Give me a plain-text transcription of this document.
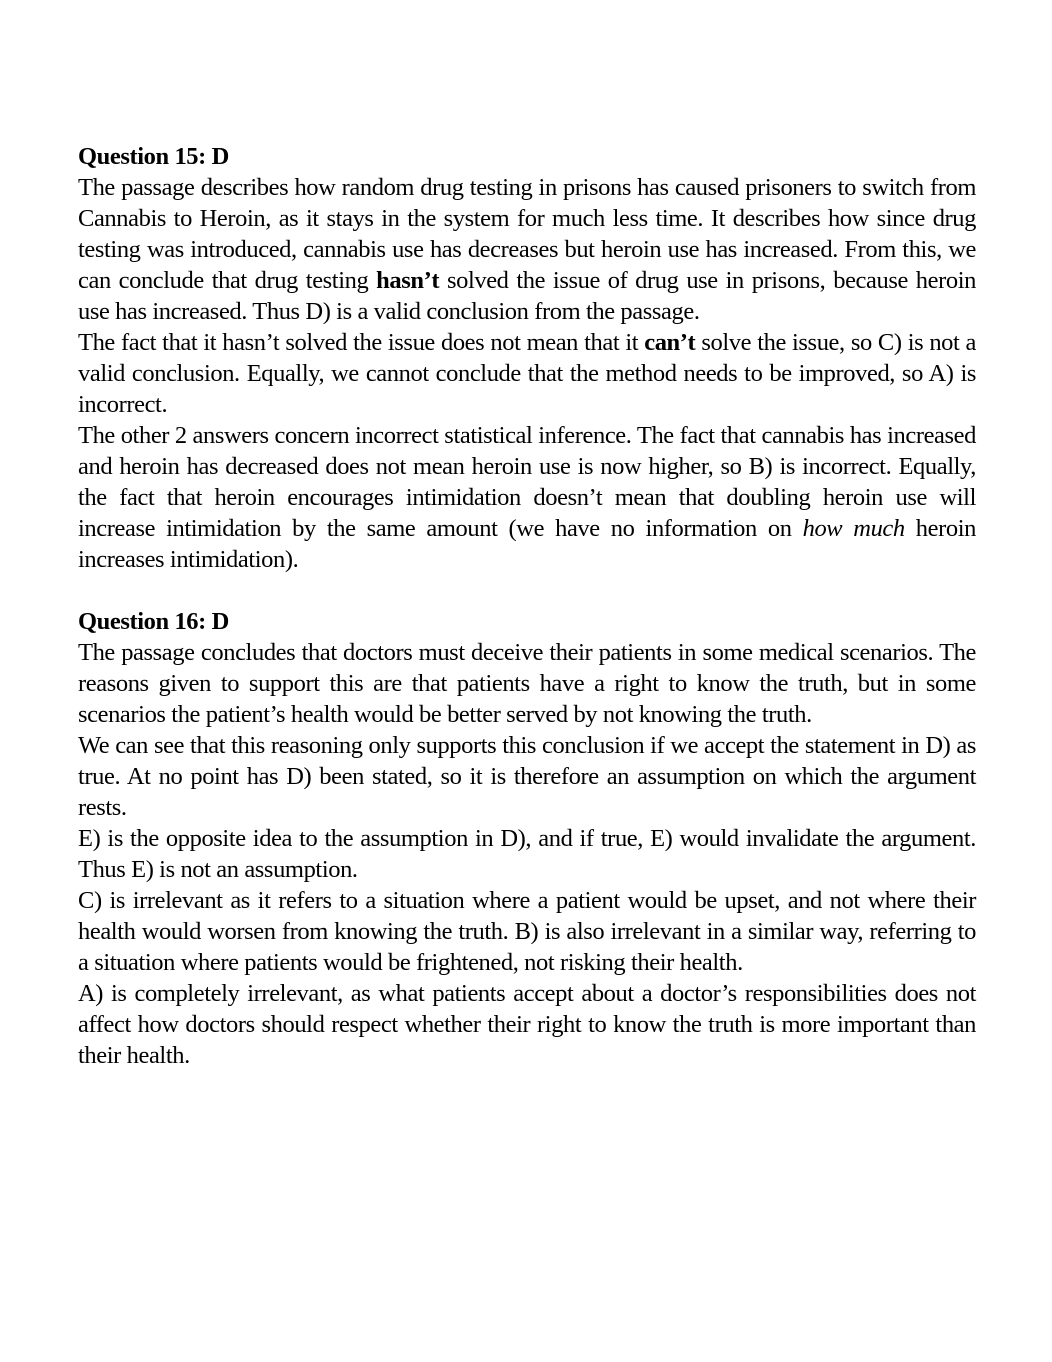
Question 15: D

The passage describes how random drug testing in prisons has caused prisoners to switch from Cannabis to Heroin, as it stays in the system for much less time. It describes how since drug testing was introduced, cannabis use has decreases but heroin use has increased. From this, we can conclude that drug testing hasn’t solved the issue of drug use in prisons, because heroin use has increased. Thus D) is a valid conclusion from the passage.

The fact that it hasn’t solved the issue does not mean that it can’t solve the issue, so C) is not a valid conclusion. Equally, we cannot conclude that the method needs to be improved, so A) is incorrect.

The other 2 answers concern incorrect statistical inference. The fact that cannabis has increased and heroin has decreased does not mean heroin use is now higher, so B) is incorrect. Equally, the fact that heroin encourages intimidation doesn’t mean that doubling heroin use will increase intimidation by the same amount (we have no information on how much heroin increases intimidation).

Question 16: D

The passage concludes that doctors must deceive their patients in some medical scenarios. The reasons given to support this are that patients have a right to know the truth, but in some scenarios the patient’s health would be better served by not knowing the truth.

We can see that this reasoning only supports this conclusion if we accept the statement in D) as true. At no point has D) been stated, so it is therefore an assumption on which the argument rests.

E) is the opposite idea to the assumption in D), and if true, E) would invalidate the argument. Thus E) is not an assumption.

C) is irrelevant as it refers to a situation where a patient would be upset, and not where their health would worsen from knowing the truth. B) is also irrelevant in a similar way, referring to a situation where patients would be frightened, not risking their health.

A) is completely irrelevant, as what patients accept about a doctor’s responsibilities does not affect how doctors should respect whether their right to know the truth is more important than their health.
